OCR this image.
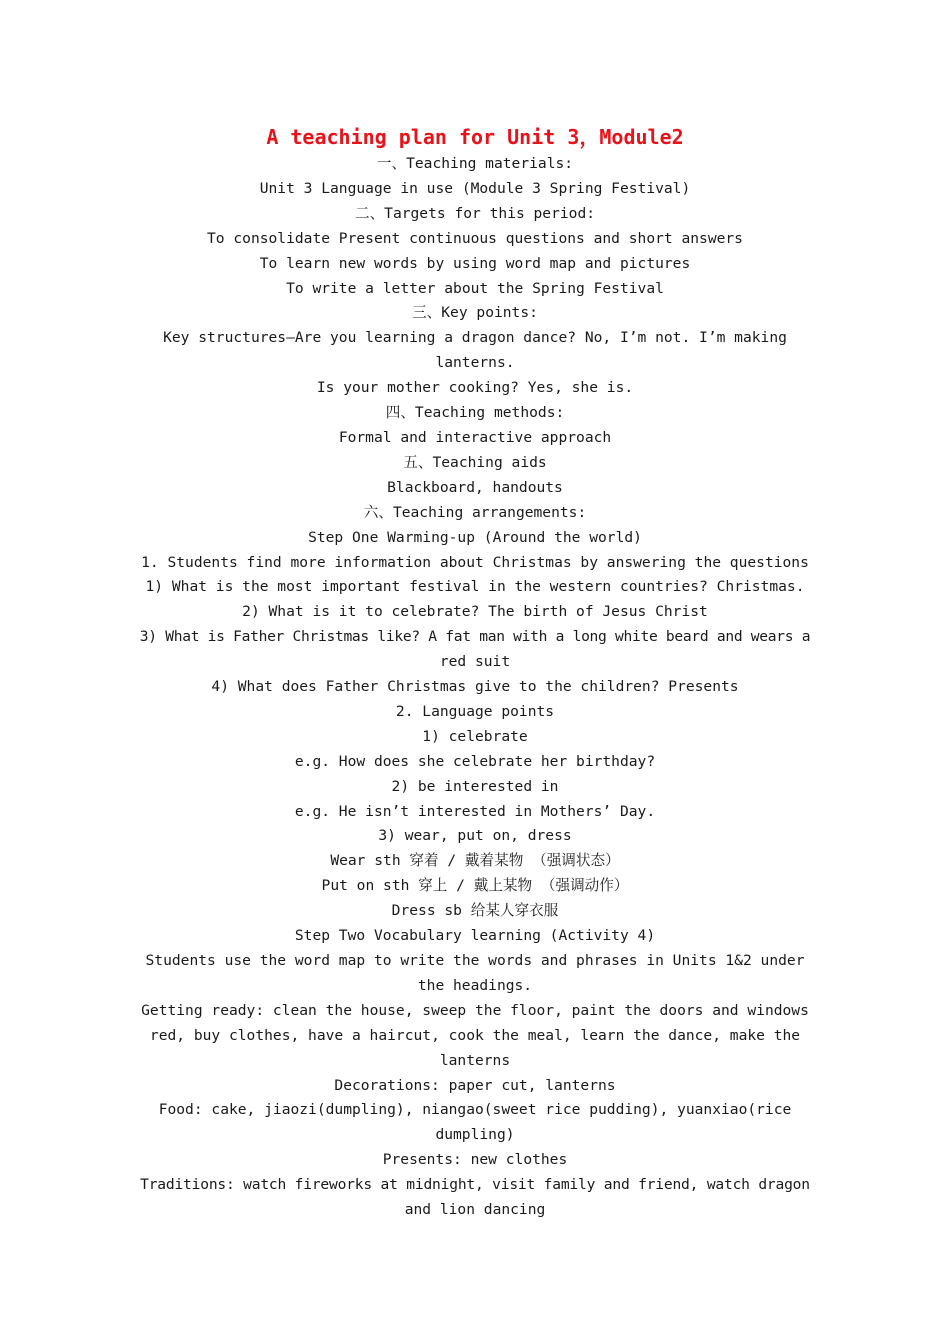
A teaching plan for Unit 3，Module2
一、Teaching materials:
Unit 3 Language in use (Module 3 Spring Festival)
二、Targets for this period:
To consolidate Present continuous questions and short answers
To learn new words by using word map and pictures
To write a letter about the Spring Festival
三、Key points:
Key structures—Are you learning a dragon dance? No, I’m not. I’m making
lanterns.
Is your mother cooking? Yes, she is.
四、Teaching methods:
Formal and interactive approach
五、Teaching aids
Blackboard, handouts
六、Teaching arrangements:
Step One Warming-up (Around the world)
1. Students find more information about Christmas by answering the questions
1) What is the most important festival in the western countries? Christmas.
2) What is it to celebrate? The birth of Jesus Christ
3) What is Father Christmas like? A fat man with a long white beard and wears a
red suit
4) What does Father Christmas give to the children? Presents
2. Language points
1) celebrate
e.g. How does she celebrate her birthday?
2) be interested in
e.g. He isn’t interested in Mothers’ Day.
3) wear, put on, dress
Wear sth 穿着 / 戴着某物 （强调状态）
Put on sth 穿上 / 戴上某物 （强调动作）
Dress sb 给某人穿衣服
Step Two Vocabulary learning (Activity 4)
Students use the word map to write the words and phrases in Units 1&2 under
the headings.
Getting ready: clean the house, sweep the floor, paint the doors and windows
red, buy clothes, have a haircut, cook the meal, learn the dance, make the
lanterns
Decorations: paper cut, lanterns
Food: cake, jiaozi(dumpling), niangao(sweet rice pudding), yuanxiao(rice
dumpling)
Presents: new clothes
Traditions: watch fireworks at midnight, visit family and friend, watch dragon
and lion dancing
